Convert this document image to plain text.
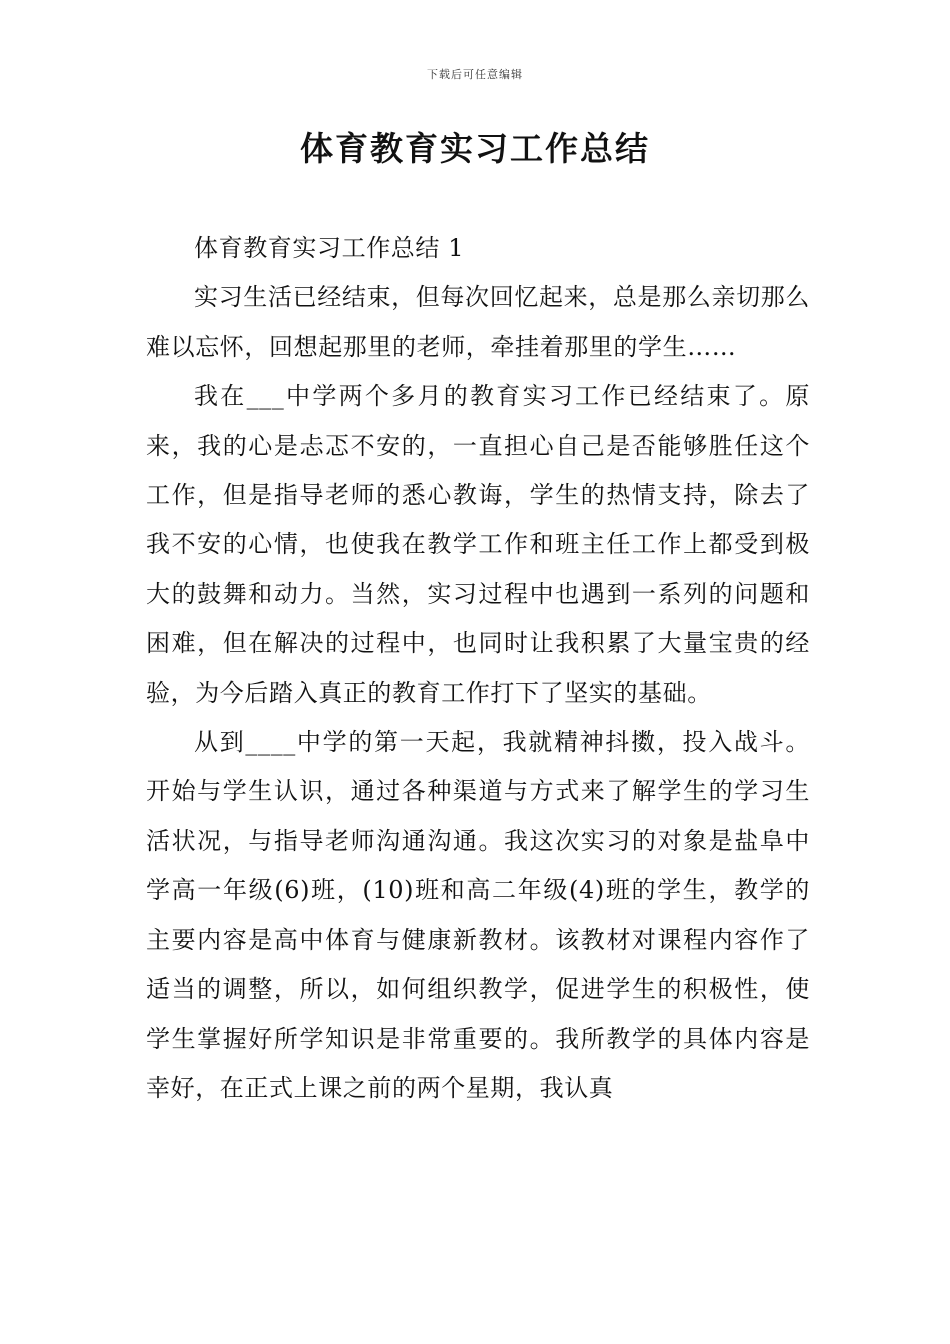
下载后可任意编辑
体育教育实习工作总结

体育教育实习工作总结 1

实习生活已经结束，但每次回忆起来，总是那么亲切那么难以忘怀，回想起那里的老师，牵挂着那里的学生……

我在___中学两个多月的教育实习工作已经结束了。原来，我的心是忐忑不安的，一直担心自己是否能够胜任这个工作，但是指导老师的悉心教诲，学生的热情支持，除去了我不安的心情，也使我在教学工作和班主任工作上都受到极大的鼓舞和动力。当然，实习过程中也遇到一系列的问题和困难，但在解决的过程中，也同时让我积累了大量宝贵的经验，为今后踏入真正的教育工作打下了坚实的基础。

从到____中学的第一天起，我就精神抖擞，投入战斗。开始与学生认识，通过各种渠道与方式来了解学生的学习生活状况，与指导老师沟通沟通。我这次实习的对象是盐阜中学高一年级(6)班，(10)班和高二年级(4)班的学生，教学的主要内容是高中体育与健康新教材。该教材对课程内容作了适当的调整，所以，如何组织教学，促进学生的积极性，使学生掌握好所学知识是非常重要的。我所教学的具体内容是幸好，在正式上课之前的两个星期，我认真
